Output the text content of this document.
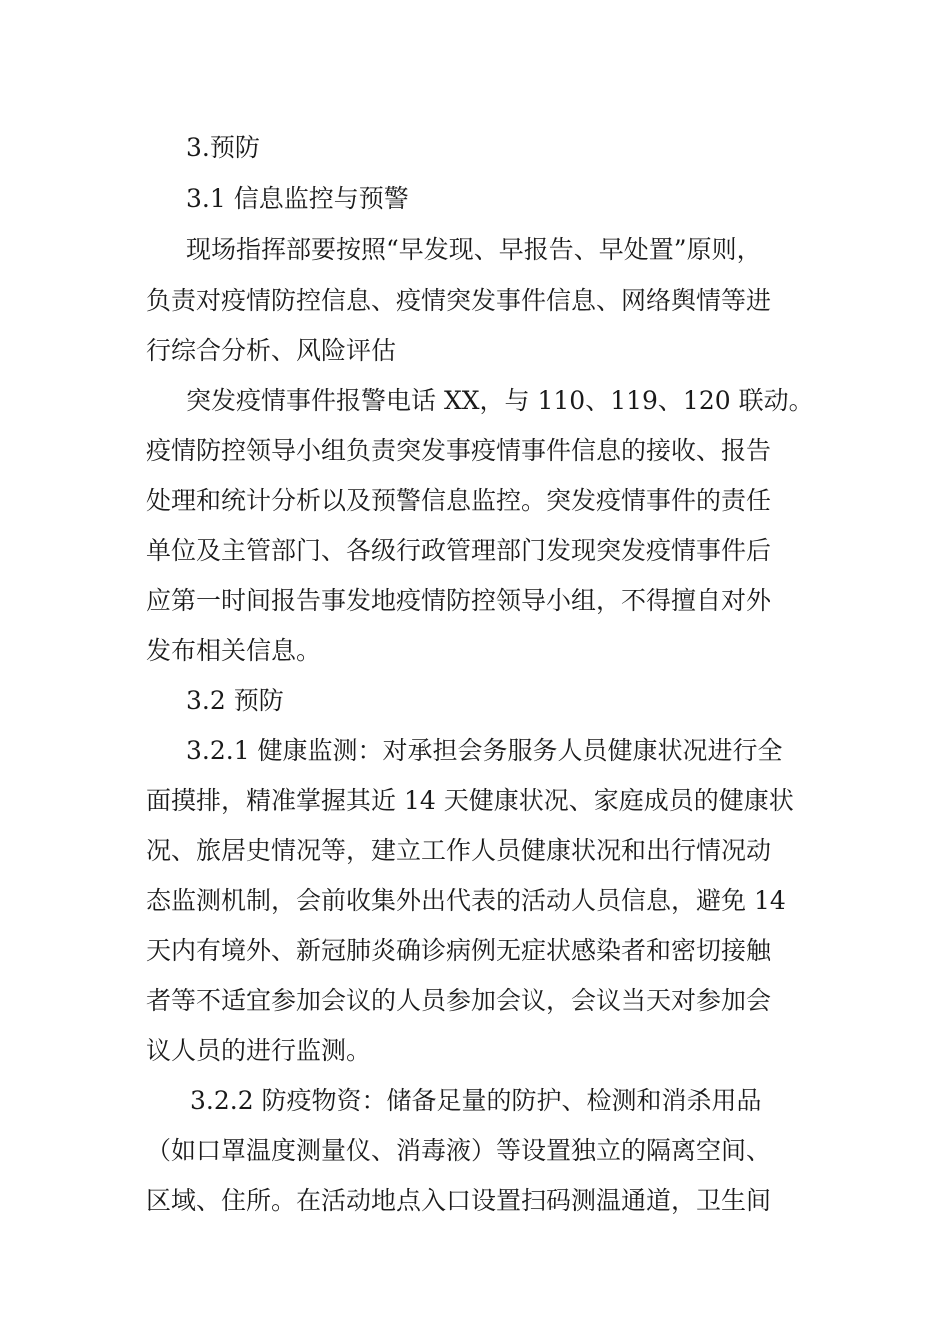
3.预防

3.1 信息监控与预警

现场指挥部要按照“早发现、早报告、早处置”原则，

负责对疫情防控信息、疫情突发事件信息、网络舆情等进

行综合分析、风险评估

突发疫情事件报警电话 XX，与 110、119、120 联动。

疫情防控领导小组负责突发事疫情事件信息的接收、报告

处理和统计分析以及预警信息监控。突发疫情事件的责任

单位及主管部门、各级行政管理部门发现突发疫情事件后

应第一时间报告事发地疫情防控领导小组，不得擅自对外

发布相关信息。

3.2 预防

3.2.1 健康监测：对承担会务服务人员健康状况进行全

面摸排，精准掌握其近 14 天健康状况、家庭成员的健康状

况、旅居史情况等，建立工作人员健康状况和出行情况动

态监测机制，会前收集外出代表的活动人员信息，避免 14

天内有境外、新冠肺炎确诊病例无症状感染者和密切接触

者等不适宜参加会议的人员参加会议，会议当天对参加会

议人员的进行监测。

3.2.2 防疫物资：储备足量的防护、检测和消杀用品

（如口罩温度测量仪、消毒液）等设置独立的隔离空间、

区域、住所。在活动地点入口设置扫码测温通道，卫生间
